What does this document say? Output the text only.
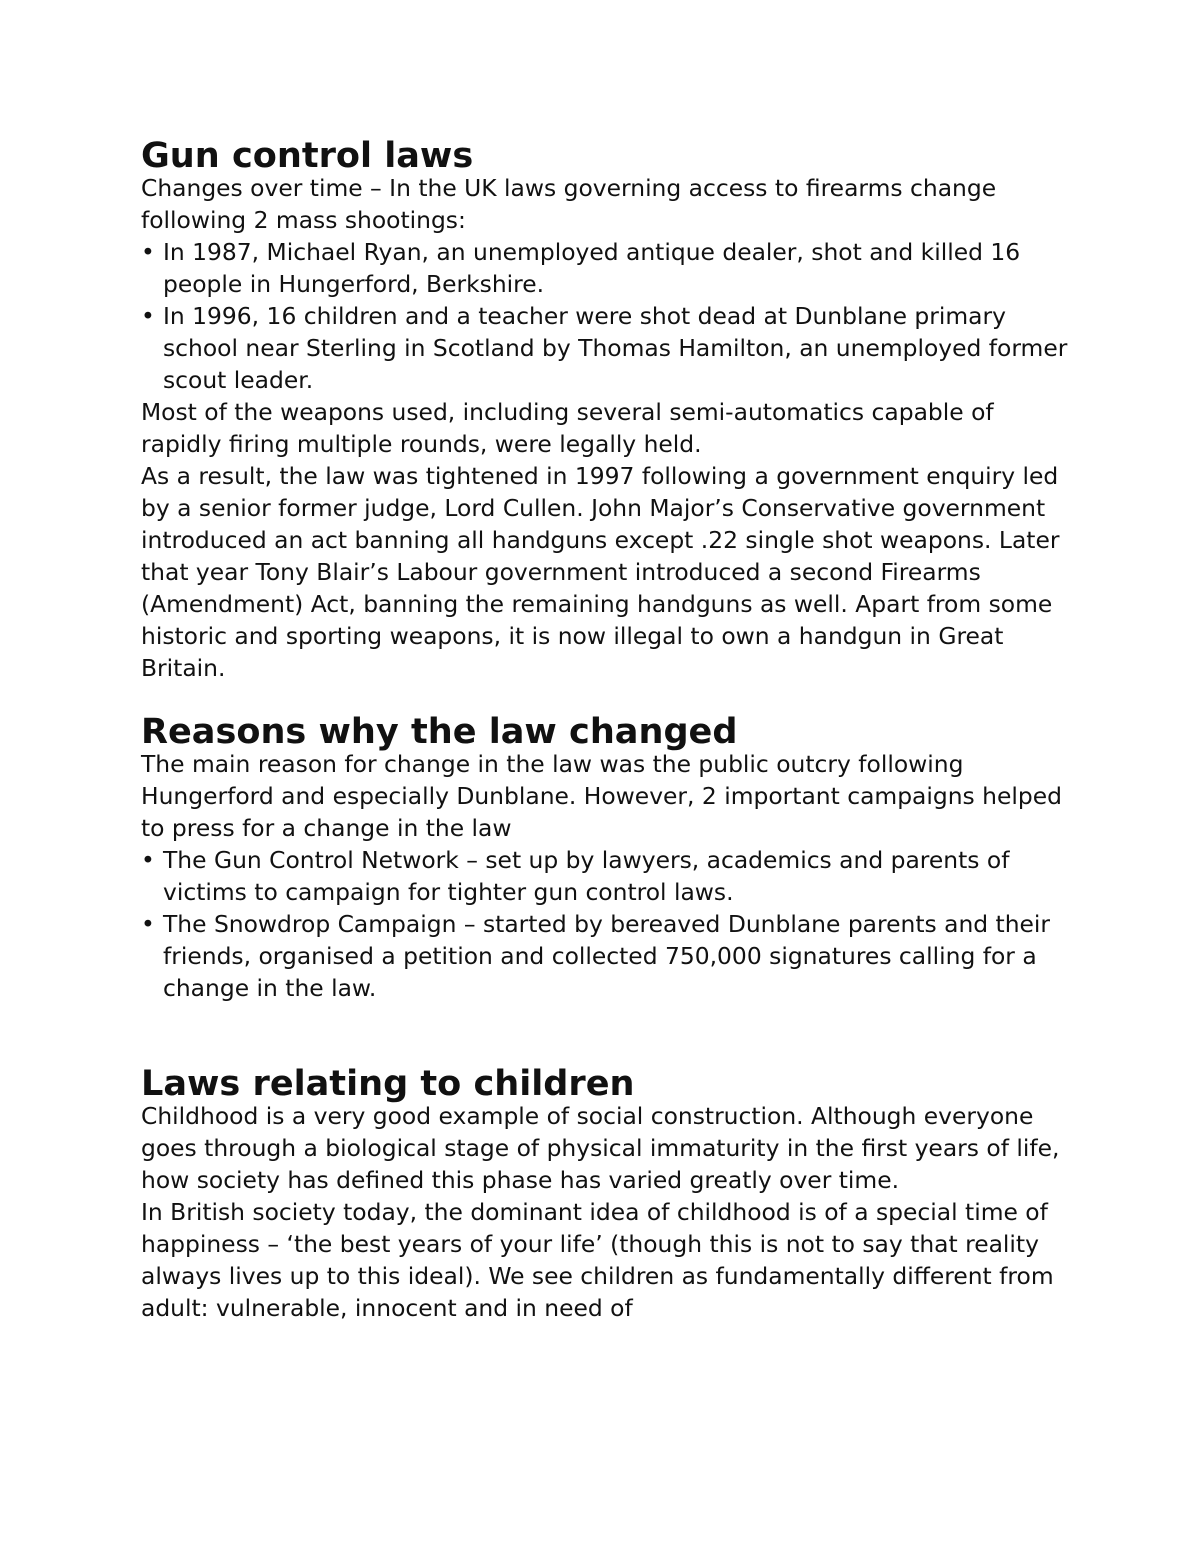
Gun control laws

Changes over time – In the UK laws governing access to firearms change following 2 mass shootings:

• In 1987, Michael Ryan, an unemployed antique dealer, shot and killed 16 people in Hungerford, Berkshire.
• In 1996, 16 children and a teacher were shot dead at Dunblane primary school near Sterling in Scotland by Thomas Hamilton, an unemployed former scout leader.

Most of the weapons used, including several semi-automatics capable of rapidly firing multiple rounds, were legally held.

As a result, the law was tightened in 1997 following a government enquiry led by a senior former judge, Lord Cullen. John Major’s Conservative government introduced an act banning all handguns except .22 single shot weapons. Later that year Tony Blair’s Labour government introduced a second Firearms (Amendment) Act, banning the remaining handguns as well. Apart from some historic and sporting weapons, it is now illegal to own a handgun in Great Britain.

Reasons why the law changed

The main reason for change in the law was the public outcry following Hungerford and especially Dunblane. However, 2 important campaigns helped to press for a change in the law

• The Gun Control Network – set up by lawyers, academics and parents of victims to campaign for tighter gun control laws.
• The Snowdrop Campaign – started by bereaved Dunblane parents and their friends, organised a petition and collected 750,000 signatures calling for a change in the law.
Laws relating to children

Childhood is a very good example of social construction. Although everyone goes through a biological stage of physical immaturity in the first years of life, how society has defined this phase has varied greatly over time.

In British society today, the dominant idea of childhood is of a special time of happiness – ‘the best years of your life’ (though this is not to say that reality always lives up to this ideal). We see children as fundamentally different from adult: vulnerable, innocent and in need of
